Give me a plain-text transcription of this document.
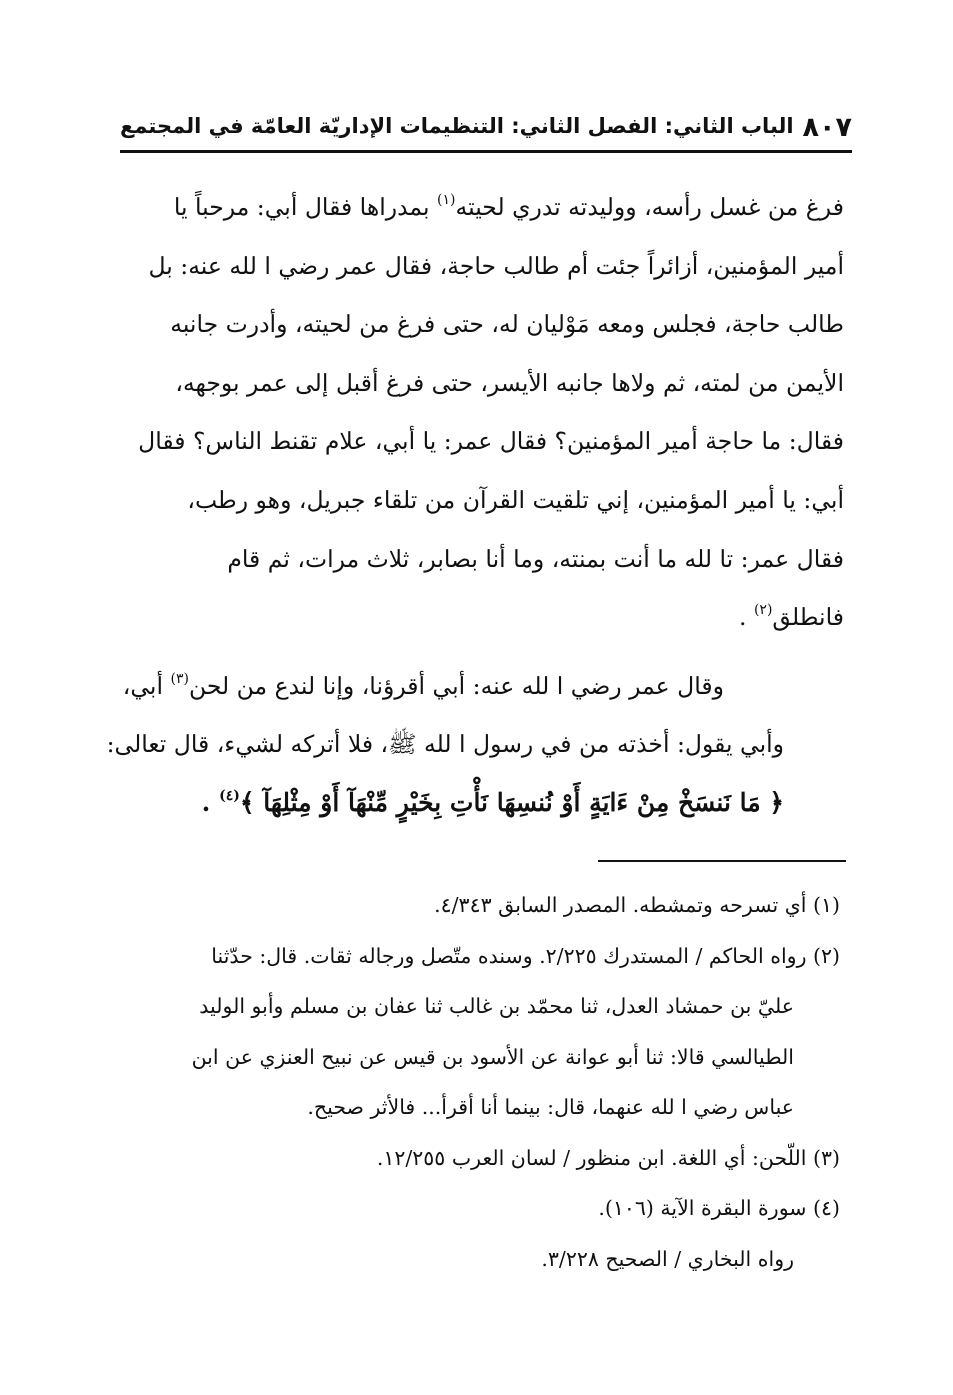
٨٠٧
الباب الثاني: الفصل الثاني: التنظيمات الإداريّة العامّة في المجتمع
فرغ من غسل رأسه، ووليدته تدري لحيته$^{(١)}$ بمدراها فقال أبي: مرحباً يا
أمير المؤمنين، أزائراً جئت أم طالب حاجة، فقال عمر رضي ا لله عنه: بل
طالب حاجة، فجلس ومعه مَوْليان له، حتى فرغ من لحيته، وأدرت جانبه
الأيمن من لمته، ثم ولاها جانبه الأيسر، حتى فرغ أقبل إلى عمر بوجهه،
فقال: ما حاجة أمير المؤمنين؟ فقال عمر: يا أبي، علام تقنط الناس؟ فقال
أبي: يا أمير المؤمنين، إني تلقيت القرآن من تلقاء جبريل، وهو رطب،
فقال عمر: تا لله ما أنت بمنته، وما أنا بصابر، ثلاث مرات، ثم قام
فانطلق$^{(٢)}$ .
وقال عمر رضي ا لله عنه: أبي أقرؤنا، وإنا لندع من لحن$^{(٣)}$ أبي،
وأبي يقول: أخذته من في رسول ا لله ﷺ، فلا أتركه لشيء، قال تعالى:
﴿ مَا نَنسَخْ مِنْ ءَايَةٍ أَوْ نُنسِهَا نَأْتِ بِخَيْرٍ مِّنْهَآ أَوْ مِثْلِهَآ ﴾$^{(٤)}$ .
(١) أي تسرحه وتمشطه. المصدر السابق ٤/٣٤٣.
(٢) رواه الحاكم / المستدرك ٢/٢٢٥. وسنده متّصل ورجاله ثقات. قال: حدّثنا
عليّ بن حمشاد العدل، ثنا محمّد بن غالب ثنا عفان بن مسلم وأبو الوليد
الطيالسي قالا: ثنا أبو عوانة عن الأسود بن قيس عن نبيح العنزي عن ابن
عباس رضي ا لله عنهما، قال: بينما أنا أقرأ... فالأثر صحيح.
(٣) اللّحن: أي اللغة. ابن منظور / لسان العرب ١٢/٢٥٥.
(٤) سورة البقرة الآية (١٠٦).
رواه البخاري / الصحيح ٣/٢٢٨.
